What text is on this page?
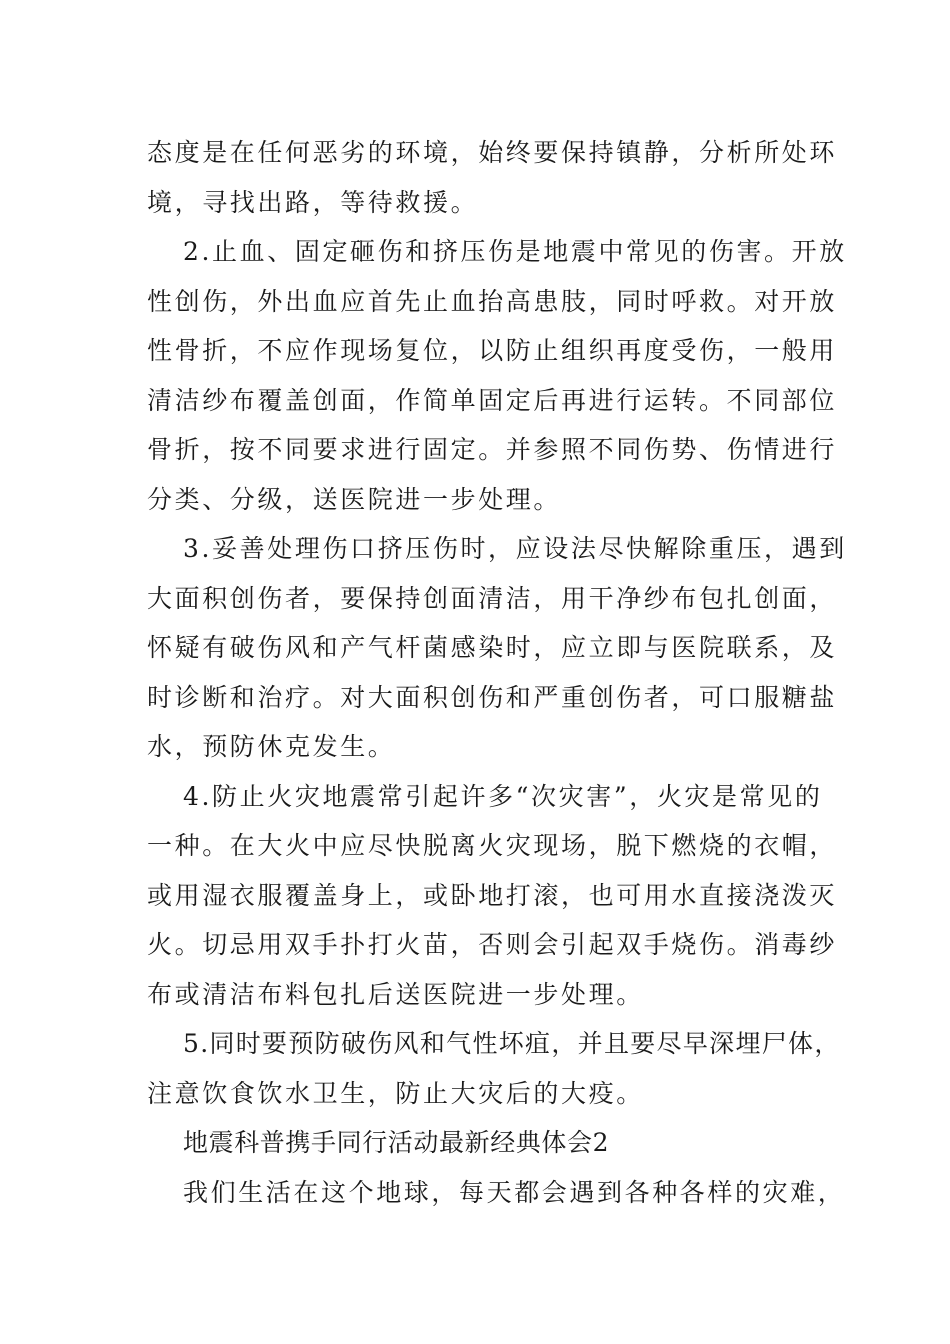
态度是在任何恶劣的环境，始终要保持镇静，分析所处环
境，寻找出路，等待救援。
2.止血、固定砸伤和挤压伤是地震中常见的伤害。开放
性创伤，外出血应首先止血抬高患肢，同时呼救。对开放
性骨折，不应作现场复位，以防止组织再度受伤，一般用
清洁纱布覆盖创面，作简单固定后再进行运转。不同部位
骨折，按不同要求进行固定。并参照不同伤势、伤情进行
分类、分级，送医院进一步处理。
3.妥善处理伤口挤压伤时，应设法尽快解除重压，遇到
大面积创伤者，要保持创面清洁，用干净纱布包扎创面，
怀疑有破伤风和产气杆菌感染时，应立即与医院联系，及
时诊断和治疗。对大面积创伤和严重创伤者，可口服糖盐
水，预防休克发生。
4.防止火灾地震常引起许多“次灾害”，火灾是常见的
一种。在大火中应尽快脱离火灾现场，脱下燃烧的衣帽，
或用湿衣服覆盖身上，或卧地打滚，也可用水直接浇泼灭
火。切忌用双手扑打火苗，否则会引起双手烧伤。消毒纱
布或清洁布料包扎后送医院进一步处理。
5.同时要预防破伤风和气性坏疽，并且要尽早深埋尸体，
注意饮食饮水卫生，防止大灾后的大疫。
地震科普携手同行活动最新经典体会2
我们生活在这个地球，每天都会遇到各种各样的灾难，
